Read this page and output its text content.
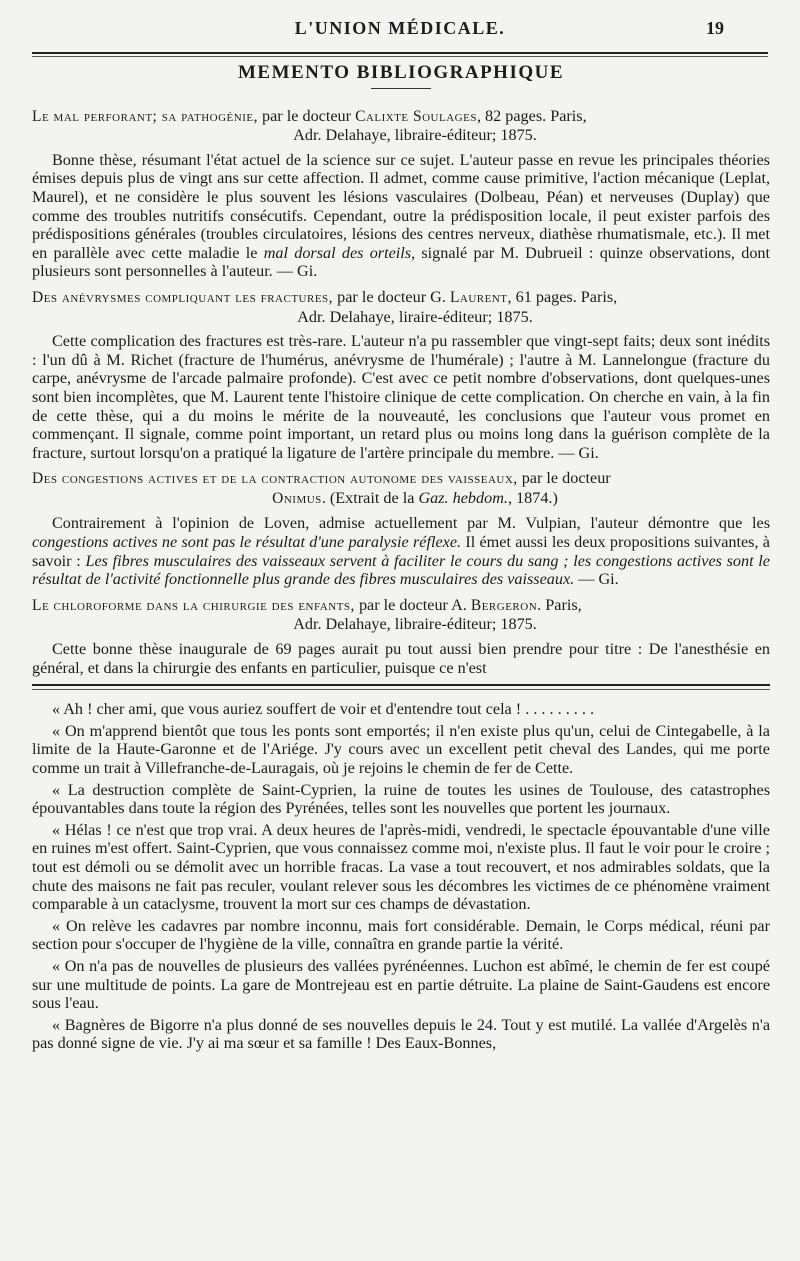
L'UNION MÉDICALE.	19
MEMENTO BIBLIOGRAPHIQUE

Le mal perforant; sa pathogénie, par le docteur Calixte Soulages, 82 pages. Paris,
Adr. Delahaye, libraire-éditeur; 1875.

Bonne thèse, résumant l'état actuel de la science sur ce sujet. L'auteur passe en revue les principales théories émises depuis plus de vingt ans sur cette affection. Il admet, comme cause primitive, l'action mécanique (Leplat, Maurel), et ne considère le plus souvent les lésions vasculaires (Dolbeau, Péan) et nerveuses (Duplay) que comme des troubles nutritifs consécutifs. Cependant, outre la prédisposition locale, il peut exister parfois des prédispositions générales (troubles circulatoires, lésions des centres nerveux, diathèse rhumatismale, etc.). Il met en parallèle avec cette maladie le mal dorsal des orteils, signalé par M. Dubrueil : quinze observations, dont plusieurs sont personnelles à l'auteur. — Gi.

Des anévrysmes compliquant les fractures, par le docteur G. Laurent, 61 pages. Paris,
Adr. Delahaye, liraire-éditeur; 1875.

Cette complication des fractures est très-rare. L'auteur n'a pu rassembler que vingt-sept faits; deux sont inédits : l'un dû à M. Richet (fracture de l'humérus, anévrysme de l'humérale) ; l'autre à M. Lannelongue (fracture du carpe, anévrysme de l'arcade palmaire profonde). C'est avec ce petit nombre d'observations, dont quelques-unes sont bien incomplètes, que M. Laurent tente l'histoire clinique de cette complication. On cherche en vain, à la fin de cette thèse, qui a du moins le mérite de la nouveauté, les conclusions que l'auteur vous promet en commençant. Il signale, comme point important, un retard plus ou moins long dans la guérison complète de la fracture, surtout lorsqu'on a pratiqué la ligature de l'artère principale du membre. — Gi.

Des congestions actives et de la contraction autonome des vaisseaux, par le docteur
Onimus. (Extrait de la Gaz. hebdom., 1874.)

Contrairement à l'opinion de Loven, admise actuellement par M. Vulpian, l'auteur démontre que les congestions actives ne sont pas le résultat d'une paralysie réflexe. Il émet aussi les deux propositions suivantes, à savoir : Les fibres musculaires des vaisseaux servent à faciliter le cours du sang ; les congestions actives sont le résultat de l'activité fonctionnelle plus grande des fibres musculaires des vaisseaux. — Gi.

Le chloroforme dans la chirurgie des enfants, par le docteur A. Bergeron. Paris,
Adr. Delahaye, libraire-éditeur; 1875.

Cette bonne thèse inaugurale de 69 pages aurait pu tout aussi bien prendre pour titre : De l'anesthésie en général, et dans la chirurgie des enfants en particulier, puisque ce n'est

« Ah ! cher ami, que vous auriez souffert de voir et d'entendre tout cela ! . . . . . . . . .

« On m'apprend bientôt que tous les ponts sont emportés; il n'en existe plus qu'un, celui de Cintegabelle, à la limite de la Haute-Garonne et de l'Ariége. J'y cours avec un excellent petit cheval des Landes, qui me porte comme un trait à Villefranche-de-Lauragais, où je rejoins le chemin de fer de Cette.

« La destruction complète de Saint-Cyprien, la ruine de toutes les usines de Toulouse, des catastrophes épouvantables dans toute la région des Pyrénées, telles sont les nouvelles que portent les journaux.

« Hélas ! ce n'est que trop vrai. A deux heures de l'après-midi, vendredi, le spectacle épouvantable d'une ville en ruines m'est offert. Saint-Cyprien, que vous connaissez comme moi, n'existe plus. Il faut le voir pour le croire ; tout est démoli ou se démolit avec un horrible fracas. La vase a tout recouvert, et nos admirables soldats, que la chute des maisons ne fait pas reculer, voulant relever sous les décombres les victimes de ce phénomène vraiment comparable à un cataclysme, trouvent la mort sur ces champs de dévastation.

« On relève les cadavres par nombre inconnu, mais fort considérable. Demain, le Corps médical, réuni par section pour s'occuper de l'hygiène de la ville, connaîtra en grande partie la vérité.

« On n'a pas de nouvelles de plusieurs des vallées pyrénéennes. Luchon est abîmé, le chemin de fer est coupé sur une multitude de points. La gare de Montrejeau est en partie détruite. La plaine de Saint-Gaudens est encore sous l'eau.

« Bagnères de Bigorre n'a plus donné de ses nouvelles depuis le 24. Tout y est mutilé. La vallée d'Argelès n'a pas donné signe de vie. J'y ai ma sœur et sa famille ! Des Eaux-Bonnes,
